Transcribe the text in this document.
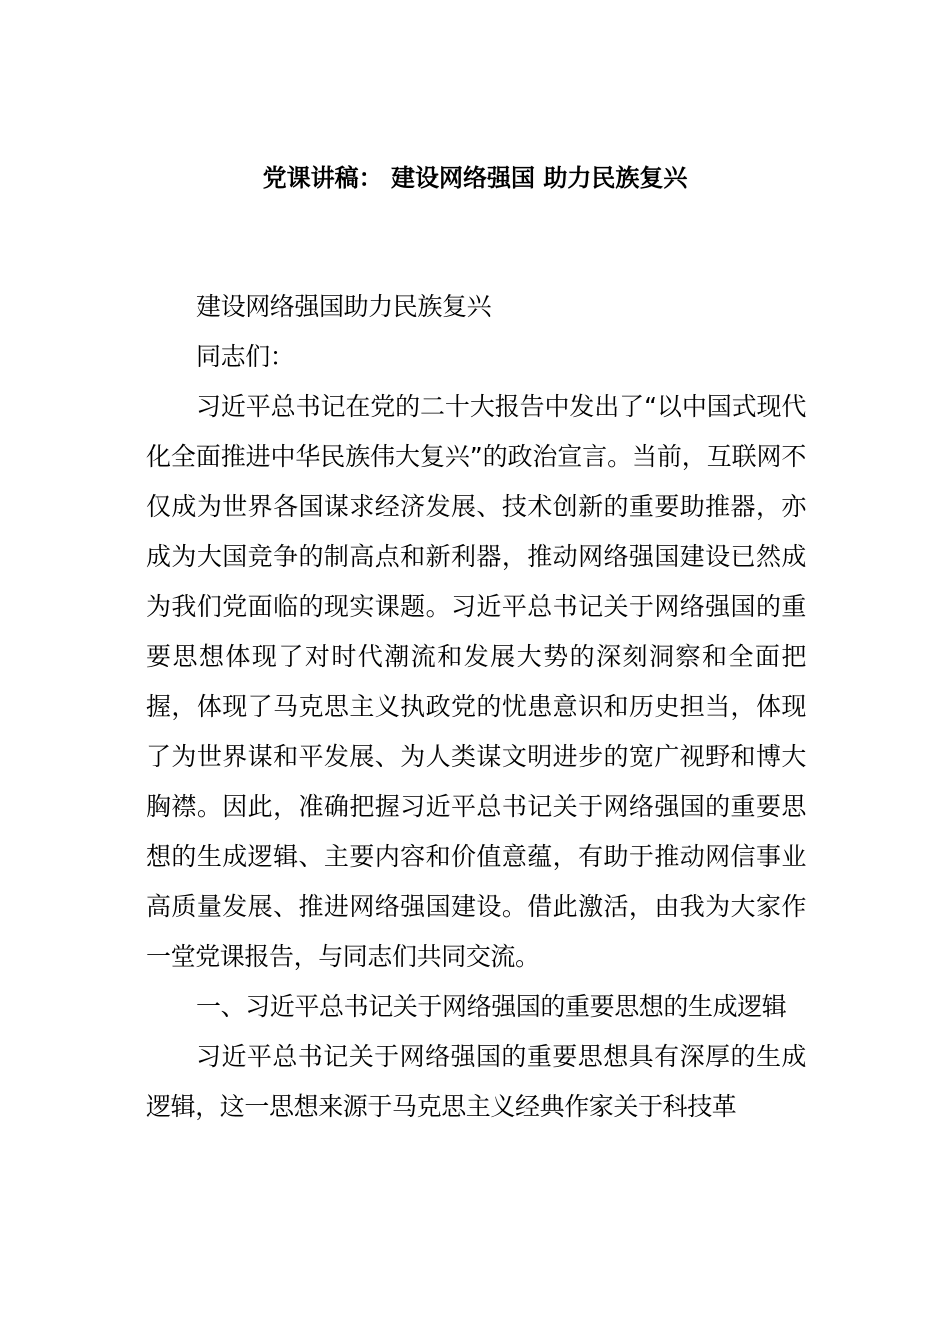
党课讲稿： 建设网络强国 助力民族复兴

建设网络强国助力民族复兴

同志们：

习近平总书记在党的二十大报告中发出了“以中国式现代化全面推进中华民族伟大复兴”的政治宣言。当前，互联网不仅成为世界各国谋求经济发展、技术创新的重要助推器，亦成为大国竞争的制高点和新利器，推动网络强国建设已然成为我们党面临的现实课题。习近平总书记关于网络强国的重要思想体现了对时代潮流和发展大势的深刻洞察和全面把握，体现了马克思主义执政党的忧患意识和历史担当，体现了为世界谋和平发展、为人类谋文明进步的宽广视野和博大胸襟。因此，准确把握习近平总书记关于网络强国的重要思想的生成逻辑、主要内容和价值意蕴，有助于推动网信事业高质量发展、推进网络强国建设。借此激活，由我为大家作一堂党课报告，与同志们共同交流。

一、习近平总书记关于网络强国的重要思想的生成逻辑

习近平总书记关于网络强国的重要思想具有深厚的生成逻辑，这一思想来源于马克思主义经典作家关于科技革
